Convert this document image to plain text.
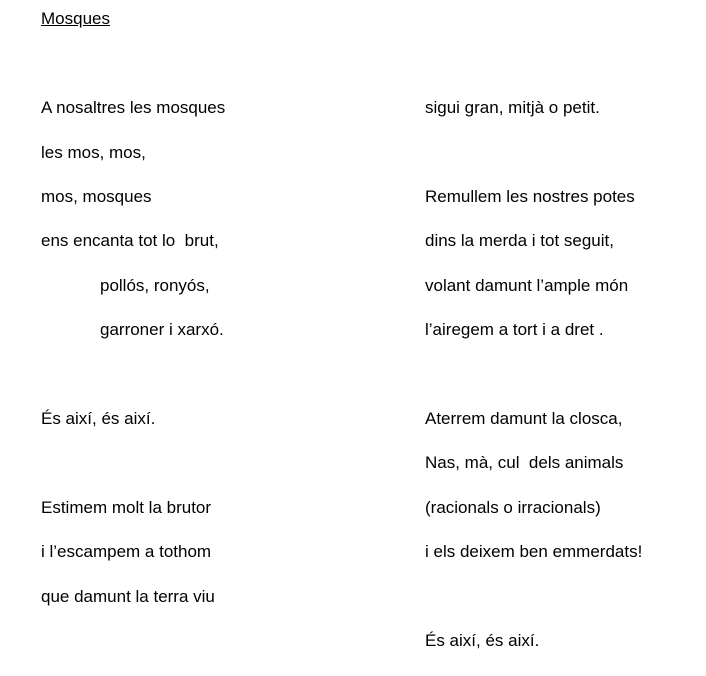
Mosques
A nosaltres les mosques
les mos, mos,
mos, mosques
ens encanta tot lo  brut,
pollós, ronyós,
garroner i xarxó.
És així, és així.
Estimem molt la brutor
i l’escampem a tothom
que damunt la terra viu
sigui gran, mitjà o petit.
Remullem les nostres potes
dins la merda i tot seguit,
volant damunt l’ample món
l’airegem a tort i a dret .
Aterrem damunt la closca,
Nas, mà, cul  dels animals
(racionals o irracionals)
i els deixem ben emmerdats!
És així, és així.
